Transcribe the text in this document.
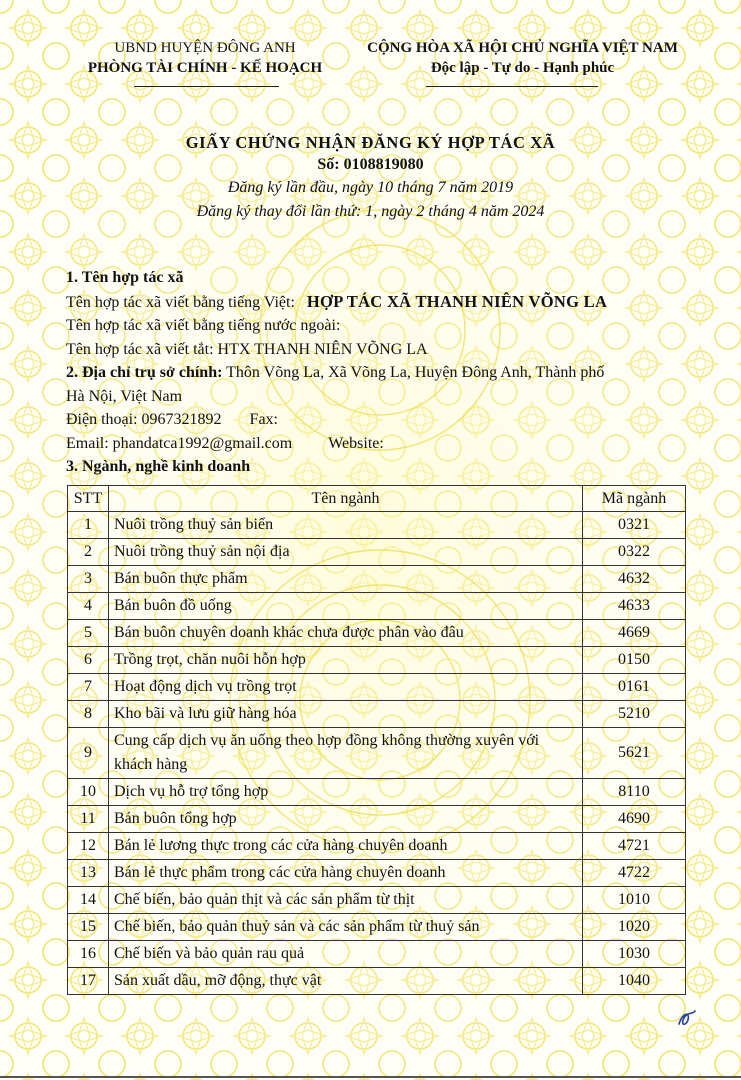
UBND HUYỆN ĐÔNG ANH
PHÒNG TÀI CHÍNH - KẾ HOẠCH
CỘNG HÒA XÃ HỘI CHỦ NGHĨA VIỆT NAM
Độc lập - Tự do - Hạnh phúc
GIẤY CHỨNG NHẬN ĐĂNG KÝ HỢP TÁC XÃ
Số: 0108819080
Đăng ký lần đầu, ngày 10 tháng 7 năm 2019
Đăng ký thay đổi lần thứ: 1, ngày 2 tháng 4 năm 2024
1. Tên hợp tác xã
Tên hợp tác xã viết bằng tiếng Việt: HỢP TÁC XÃ THANH NIÊN VÕNG LA
Tên hợp tác xã viết bằng tiếng nước ngoài:
Tên hợp tác xã viết tắt: HTX THANH NIÊN VÕNG LA
2. Địa chỉ trụ sở chính: Thôn Võng La, Xã Võng La, Huyện Đông Anh, Thành phố
Hà Nội, Việt Nam
Điện thoại: 0967321892 Fax:
Email: phandatca1992@gmail.com Website:
3. Ngành, nghề kinh doanh
STT	Tên ngành	Mã ngành
1	Nuôi trồng thuỷ sản biển	0321
2	Nuôi trồng thuỷ sản nội địa	0322
3	Bán buôn thực phẩm	4632
4	Bán buôn đồ uống	4633
5	Bán buôn chuyên doanh khác chưa được phân vào đâu	4669
6	Trồng trọt, chăn nuôi hỗn hợp	0150
7	Hoạt động dịch vụ trồng trọt	0161
8	Kho bãi và lưu giữ hàng hóa	5210
9	Cung cấp dịch vụ ăn uống theo hợp đồng không thường xuyên với khách hàng	5621
10	Dịch vụ hỗ trợ tổng hợp	8110
11	Bán buôn tổng hợp	4690
12	Bán lẻ lương thực trong các cửa hàng chuyên doanh	4721
13	Bán lẻ thực phẩm trong các cửa hàng chuyên doanh	4722
14	Chế biến, bảo quản thịt và các sản phẩm từ thịt	1010
15	Chế biến, bảo quản thuỷ sản và các sản phẩm từ thuỷ sản	1020
16	Chế biến và bảo quản rau quả	1030
17	Sản xuất dầu, mỡ động, thực vật	1040
